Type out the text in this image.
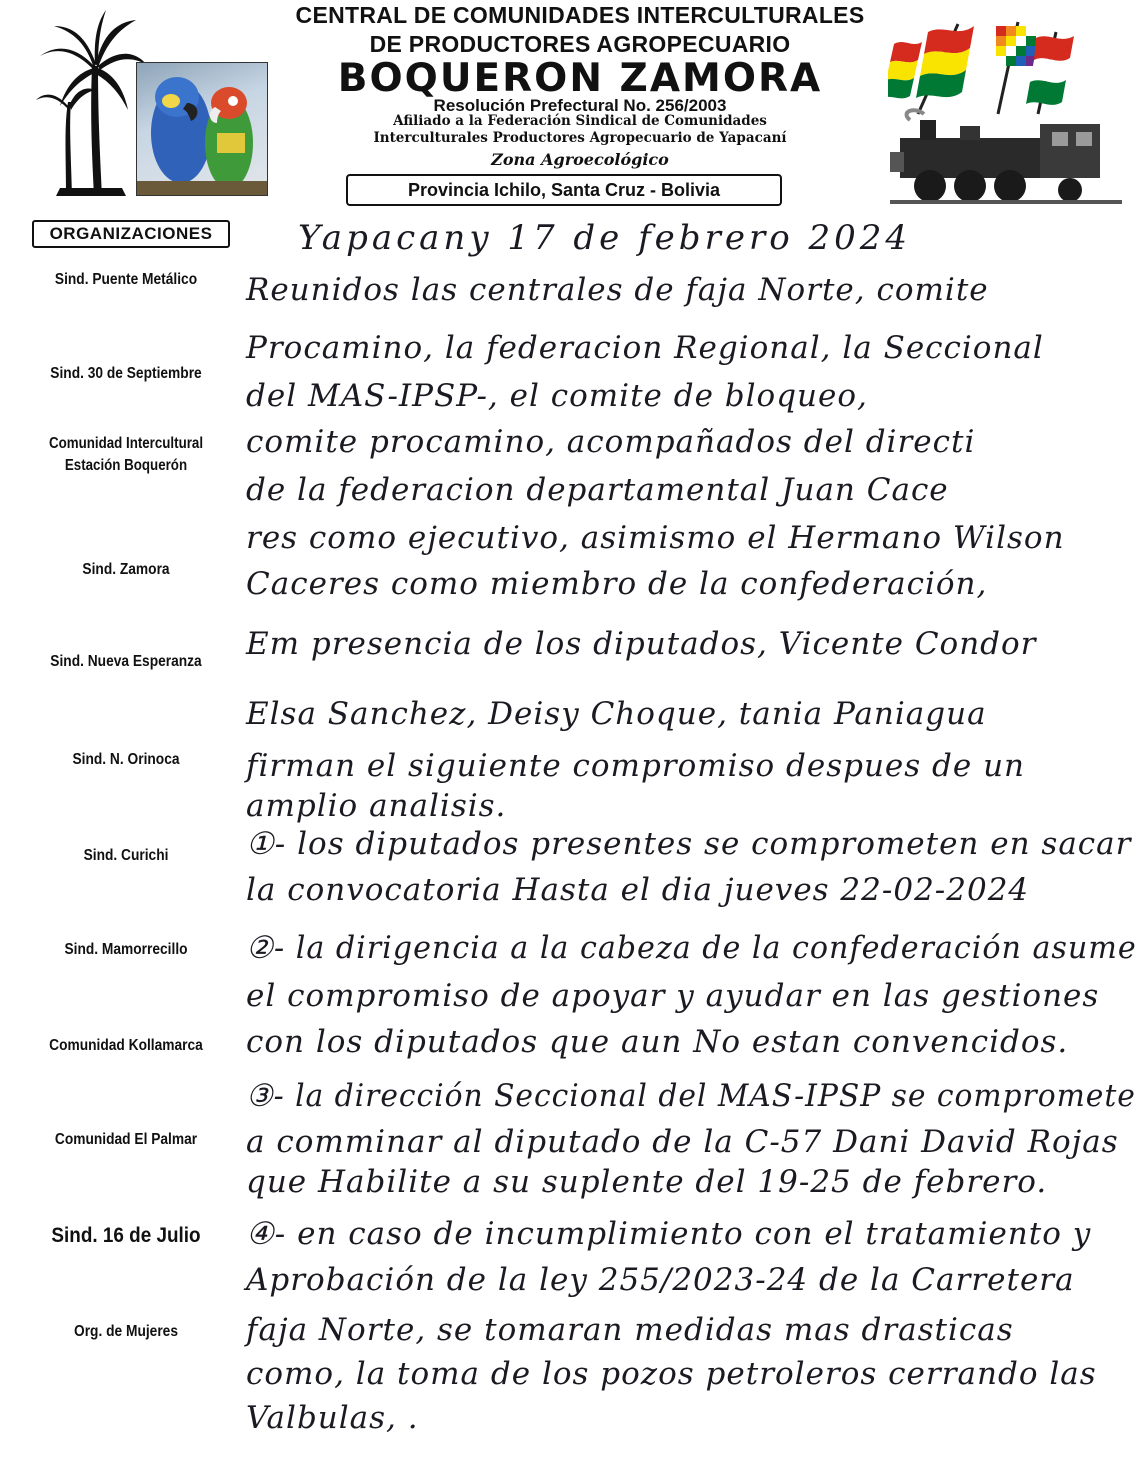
CENTRAL DE COMUNIDADES INTERCULTURALES
DE PRODUCTORES AGROPECUARIO
BOQUERON ZAMORA
Resolución Prefectural No. 256/2003
Afiliado a la Federación Sindical de Comunidades
Interculturales Productores Agropecuario de Yapacaní
Zona Agroecológico
Provincia Ichilo, Santa Cruz - Bolivia
ORGANIZACIONES
Sind. Puente Metálico
Sind. 30 de Septiembre
Comunidad Intercultural
Estación Boquerón
Sind. Zamora
Sind. Nueva Esperanza
Sind. N. Orinoca
Sind. Curichi
Sind. Mamorrecillo
Comunidad Kollamarca
Comunidad El Palmar
Sind. 16 de Julio
Org. de Mujeres
Yapacany 17 de febrero 2024
Reunidos las centrales de faja Norte, comite
Procamino, la federacion Regional, la Seccional
del MAS-IPSP-, el comite de bloqueo,
comite procamino, acompañados del directi
de la federacion departamental Juan Cace
res como ejecutivo, asimismo el Hermano Wilson
Caceres como miembro de la confederación,
Em presencia de los diputados, Vicente Condor
Elsa Sanchez, Deisy Choque, tania Paniagua
firman el siguiente compromiso despues de un
amplio analisis.
①- los diputados presentes se comprometen en sacar
la convocatoria Hasta el dia jueves 22-02-2024
②- la dirigencia a la cabeza de la confederación asume
el compromiso de apoyar y ayudar en las gestiones
con los diputados que aun No estan convencidos.
③- la dirección Seccional del MAS-IPSP se compromete
a comminar al diputado de la C-57 Dani David Rojas
que Habilite a su suplente del 19-25 de febrero.
④- en caso de incumplimiento con el tratamiento y
Aprobación de la ley 255/2023-24 de la Carretera
faja Norte, se tomaran medidas mas drasticas
como, la toma de los pozos petroleros cerrando las
Valbulas, .
